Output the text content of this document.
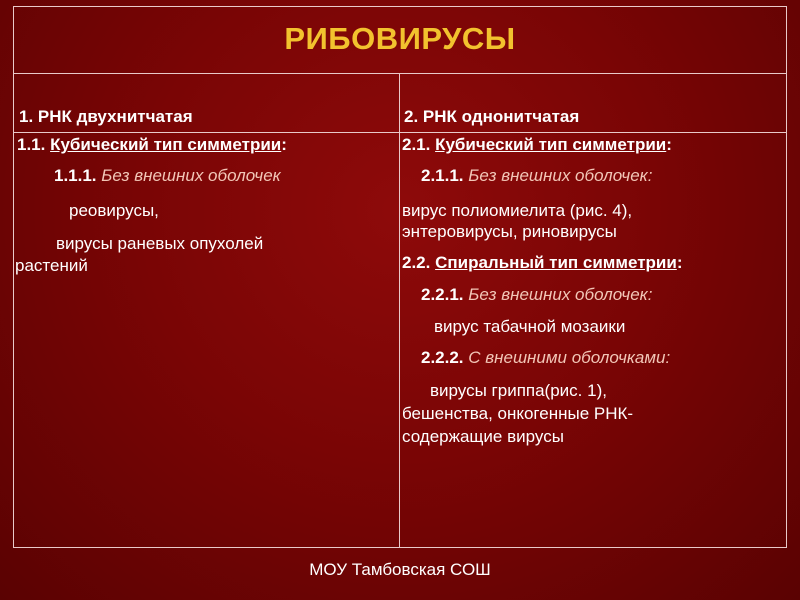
РИБОВИРУСЫ
1. РНК двухнитчатая	2. РНК однонитчатая
1.1. Кубический тип симметрии:
1.1.1. Без внешних оболочек
реовирусы,
вирусы раневых опухолей
растений
2.1. Кубический тип симметрии:
2.1.1. Без внешних оболочек:
вирус полиомиелита (рис. 4),
энтеровирусы, риновирусы
2.2. Спиральный тип симметрии:
2.2.1. Без внешних оболочек:
вирус табачной мозаики
2.2.2. С внешними оболочками:
вирусы гриппа(рис. 1),
бешенства, онкогенные РНК-
содержащие вирусы
МОУ Тамбовская СОШ
